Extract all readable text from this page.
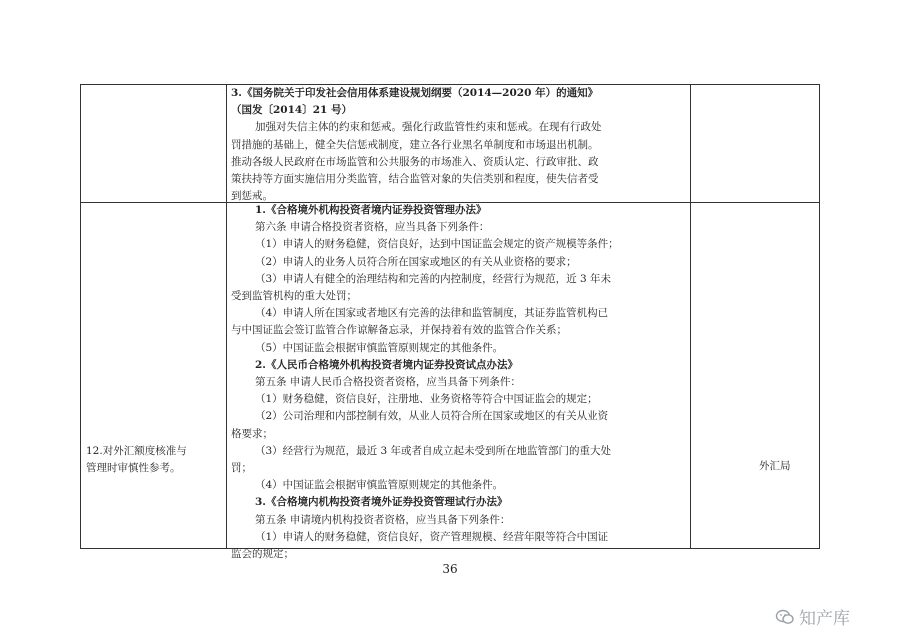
3.《国务院关于印发社会信用体系建设规划纲要（2014—2020 年）的通知》
（国发〔2014〕21 号）
加强对失信主体的约束和惩戒。强化行政监管性约束和惩戒。在现有行政处
罚措施的基础上，健全失信惩戒制度，建立各行业黑名单制度和市场退出机制。
推动各级人民政府在市场监管和公共服务的市场准入、资质认定、行政审批、政
策扶持等方面实施信用分类监管，结合监管对象的失信类别和程度，使失信者受
到惩戒。
12.对外汇额度核准与
管理时审慎性参考。
1.《合格境外机构投资者境内证券投资管理办法》
第六条 申请合格投资者资格，应当具备下列条件：
（1）申请人的财务稳健，资信良好，达到中国证监会规定的资产规模等条件；
（2）申请人的业务人员符合所在国家或地区的有关从业资格的要求；
（3）申请人有健全的治理结构和完善的内控制度，经营行为规范，近 3 年未
受到监管机构的重大处罚；
（4）申请人所在国家或者地区有完善的法律和监管制度，其证券监管机构已
与中国证监会签订监管合作谅解备忘录，并保持着有效的监管合作关系；
（5）中国证监会根据审慎监管原则规定的其他条件。
2.《人民币合格境外机构投资者境内证券投资试点办法》
第五条 申请人民币合格投资者资格，应当具备下列条件：
（1）财务稳健，资信良好，注册地、业务资格等符合中国证监会的规定；
（2）公司治理和内部控制有效，从业人员符合所在国家或地区的有关从业资
格要求；
（3）经营行为规范，最近 3 年或者自成立起未受到所在地监管部门的重大处
罚；
（4）中国证监会根据审慎监管原则规定的其他条件。
3.《合格境内机构投资者境外证券投资管理试行办法》
第五条 申请境内机构投资者资格，应当具备下列条件：
（1）申请人的财务稳健，资信良好，资产管理规模、经营年限等符合中国证
监会的规定；
外汇局
36
知产库
